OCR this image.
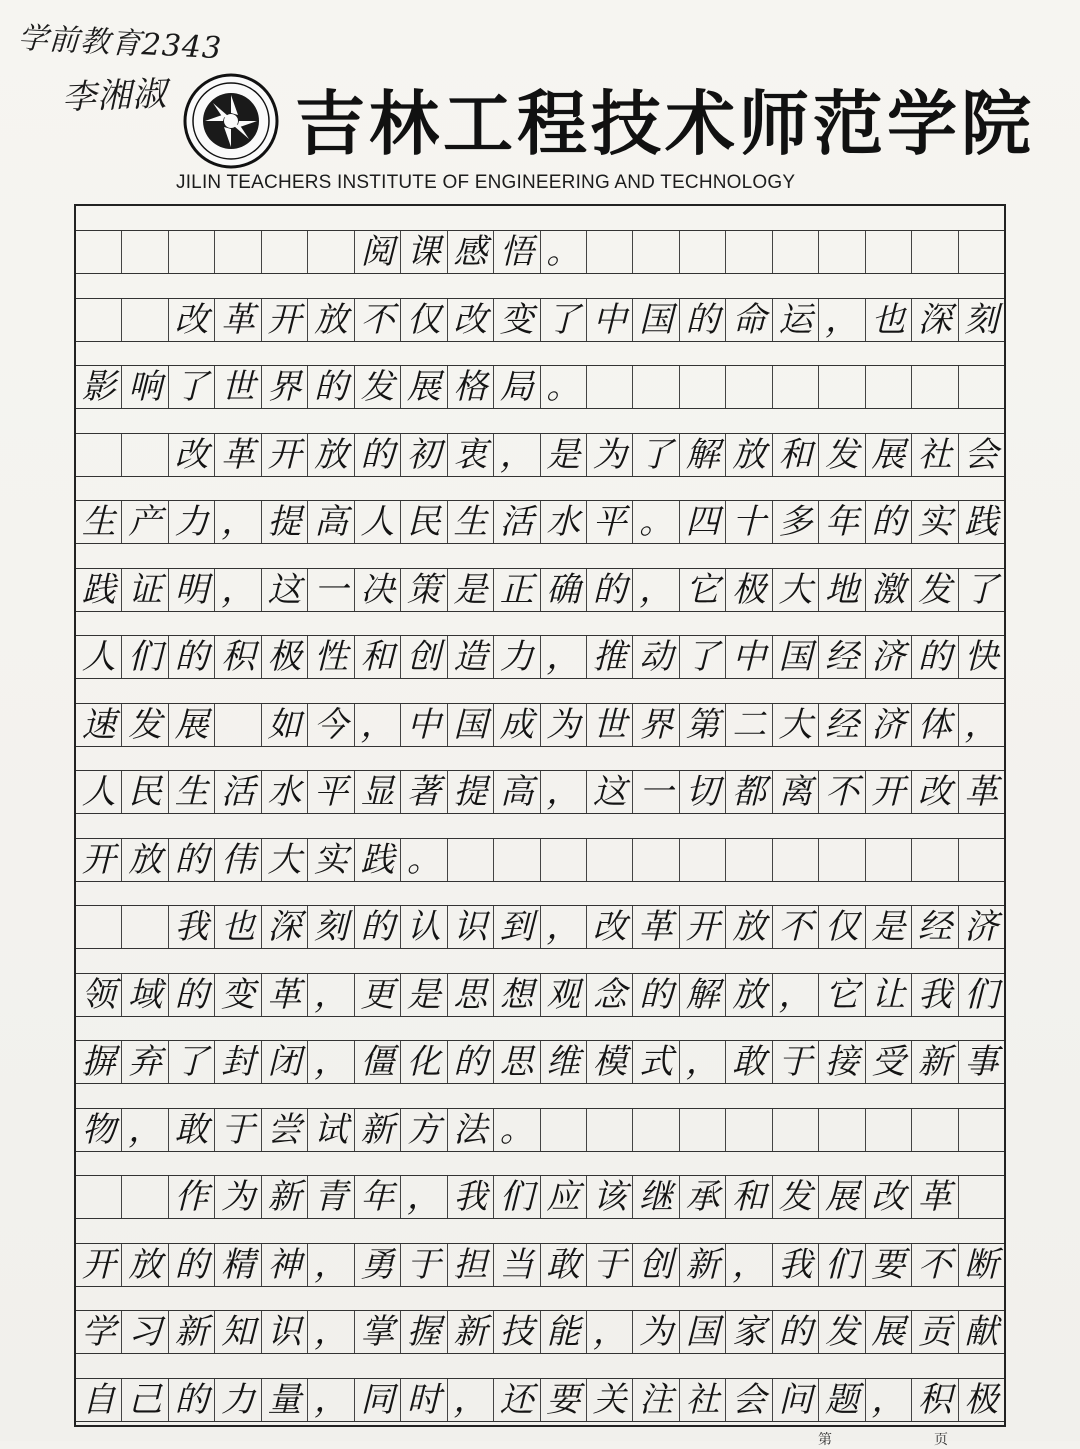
学前教育2343
李湘淑 吉林工程技术师范学院
JILIN TEACHERS INSTITUTE OF ENGINEERING AND TECHNOLOGY
阅 课 感 悟 。
改 革 开 放 不 仅 改 变 了 中 国 的 命 运 ， 也 深 刻
影 响 了 世 界 的 发 展 格 局 。
改 革 开 放 的 初 衷 ， 是 为 了 解 放 和 发 展 社 会
生 产 力 ， 提 高 人 民 生 活 水 平 。 四 十 多 年 的 实 践
践 证 明 ， 这 一 决 策 是 正 确 的 ， 它 极 大 地 激 发 了
人 们 的 积 极 性 和 创 造 力 ， 推 动 了 中 国 经 济 的 快
速 发 展 如 今 ， 中 国 成 为 世 界 第 二 大 经 济 体 ，
人 民 生 活 水 平 显 著 提 高 ， 这 一 切 都 离 不 开 改 革
开 放 的 伟 大 实 践 。
我 也 深 刻 的 认 识 到 ， 改 革 开 放 不 仅 是 经 济
领 域 的 变 革 ， 更 是 思 想 观 念 的 解 放 ， 它 让 我 们
摒 弃 了 封 闭 ， 僵 化 的 思 维 模 式 ， 敢 于 接 受 新 事
物 ， 敢 于 尝 试 新 方 法 。
作 为 新 青 年 ， 我 们 应 该 继 承 和 发 展 改 革
开 放 的 精 神 ， 勇 于 担 当 敢 于 创 新 ， 我 们 要 不 断
学 习 新 知 识 ， 掌 握 新 技 能 ， 为 国 家 的 发 展 贡 献
自 己 的 力 量 ， 同 时 ， 还 要 关 注 社 会 问 题 ， 积 极
第	页
